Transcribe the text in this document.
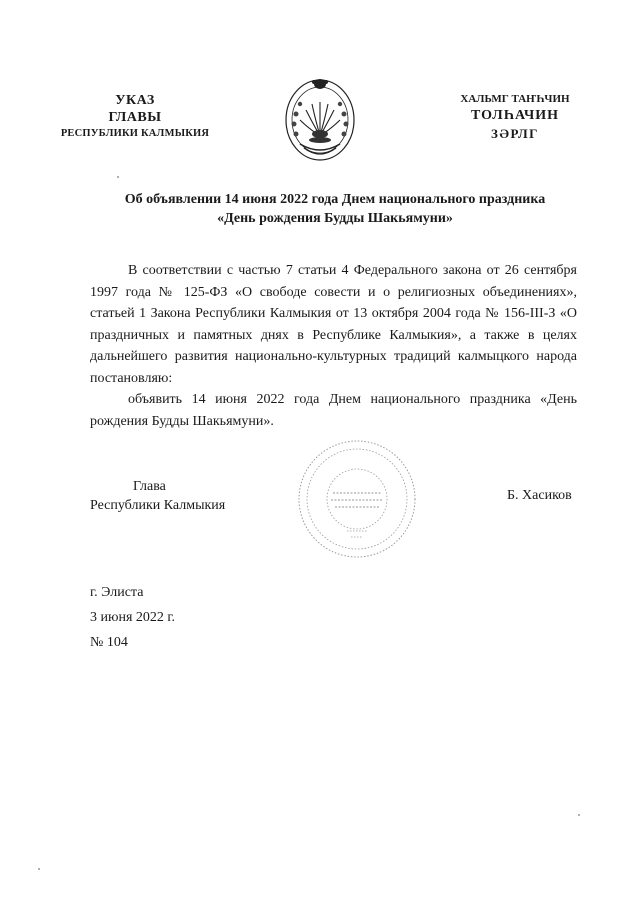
УКАЗ
ГЛАВЫ
РЕСПУБЛИКИ КАЛМЫКИЯ
ХАЛЬМГ ТАҤҺЧИН
ТОЛҺАЧИН
ЗӘРЛГ
Об объявлении 14 июня 2022 года Днем национального праздника
«День рождения Будды Шакьямуни»

В соответствии с частью 7 статьи 4 Федерального закона от 26 сентября 1997 года № 125-ФЗ «О свободе совести и о религиозных объединениях», статьей 1 Закона Республики Калмыкия от 13 октября 2004 года № 156-III-З «О праздничных и памятных днях в Республике Калмыкия», а также в целях дальнейшего развития национально-культурных традиций калмыцкого народа постановляю:

объявить 14 июня 2022 года Днем национального праздника «День рождения Будды Шакьямуни».

Глава
Республики Калмыкия
Б. Хасиков
г. Элиста
3 июня 2022 г.
№ 104
